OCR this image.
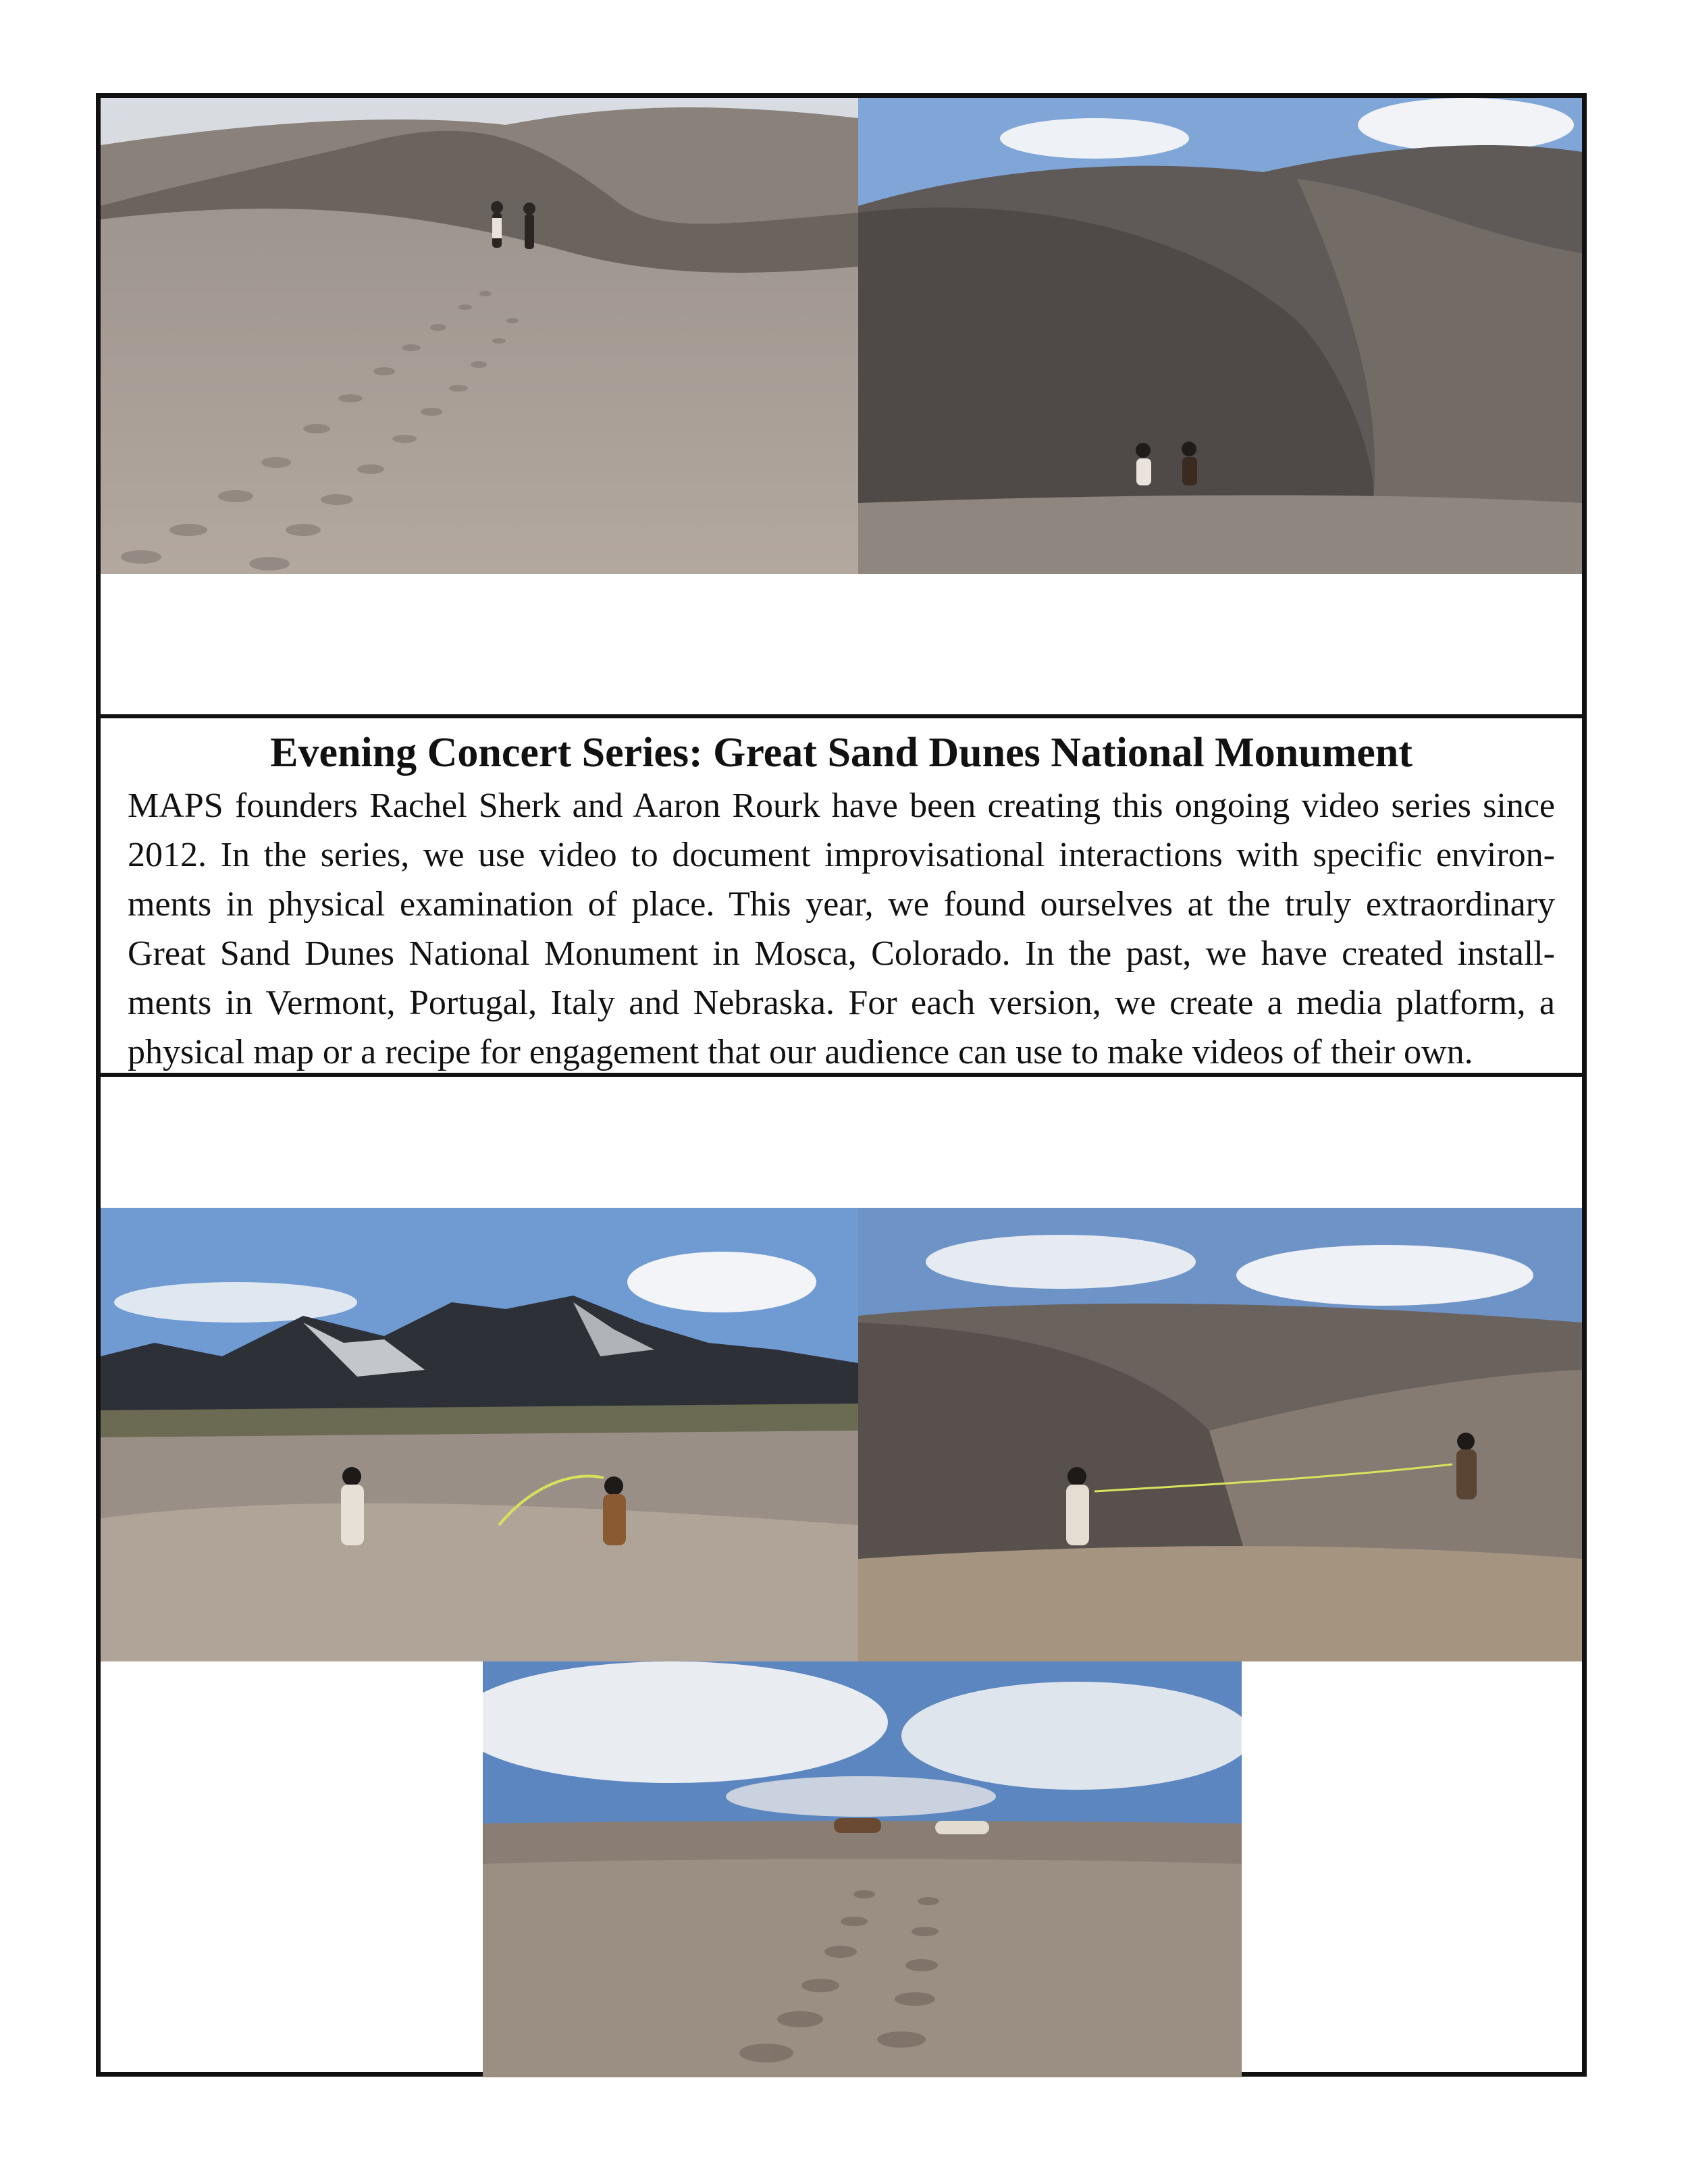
Evening Concert Series: Great Sand Dunes National Monument

MAPS founders Rachel Sherk and Aaron Rourk have been creating this ongoing video series since
2012. In the series, we use video to document improvisational interactions with specific environ-
ments in physical examination of place. This year, we found ourselves at the truly extraordinary
Great Sand Dunes National Monument in Mosca, Colorado. In the past, we have created install-
ments in Vermont, Portugal, Italy and Nebraska. For each version, we create a media platform, a
physical map or a recipe for engagement that our audience can use to make videos of their own.
